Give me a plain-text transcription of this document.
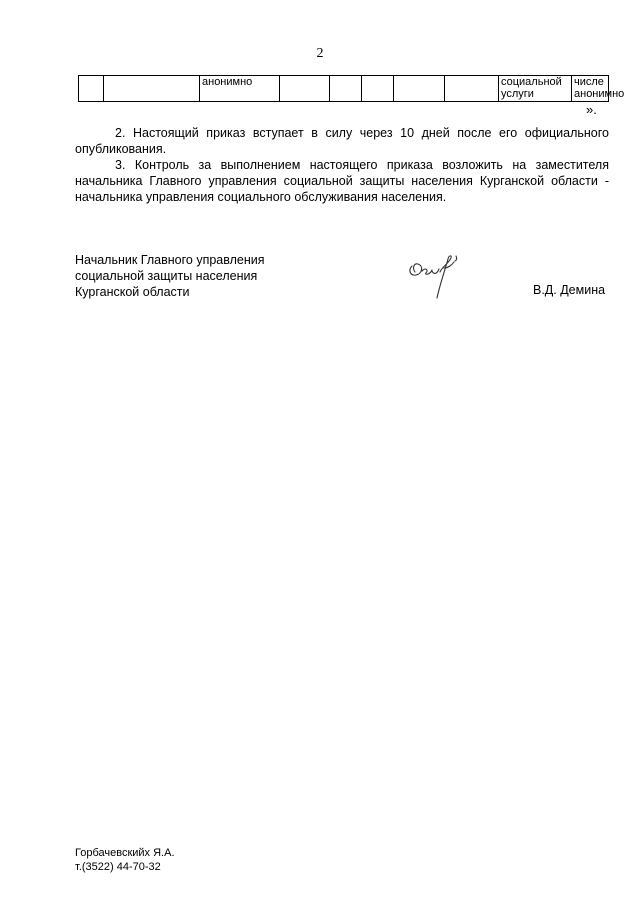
2
		анонимно						социальной услуги	числе анонимно
».

2. Настоящий приказ вступает в силу через 10 дней после его официального опубликования.

3. Контроль за выполнением настоящего приказа возложить на заместителя начальника Главного управления социальной защиты населения Курганской области - начальника управления социального обслуживания населения.

Начальник Главного управления
социальной защиты населения
Курганской области	В.Д. Демина
Горбачевскийх Я.А.
т.(3522) 44-70-32
